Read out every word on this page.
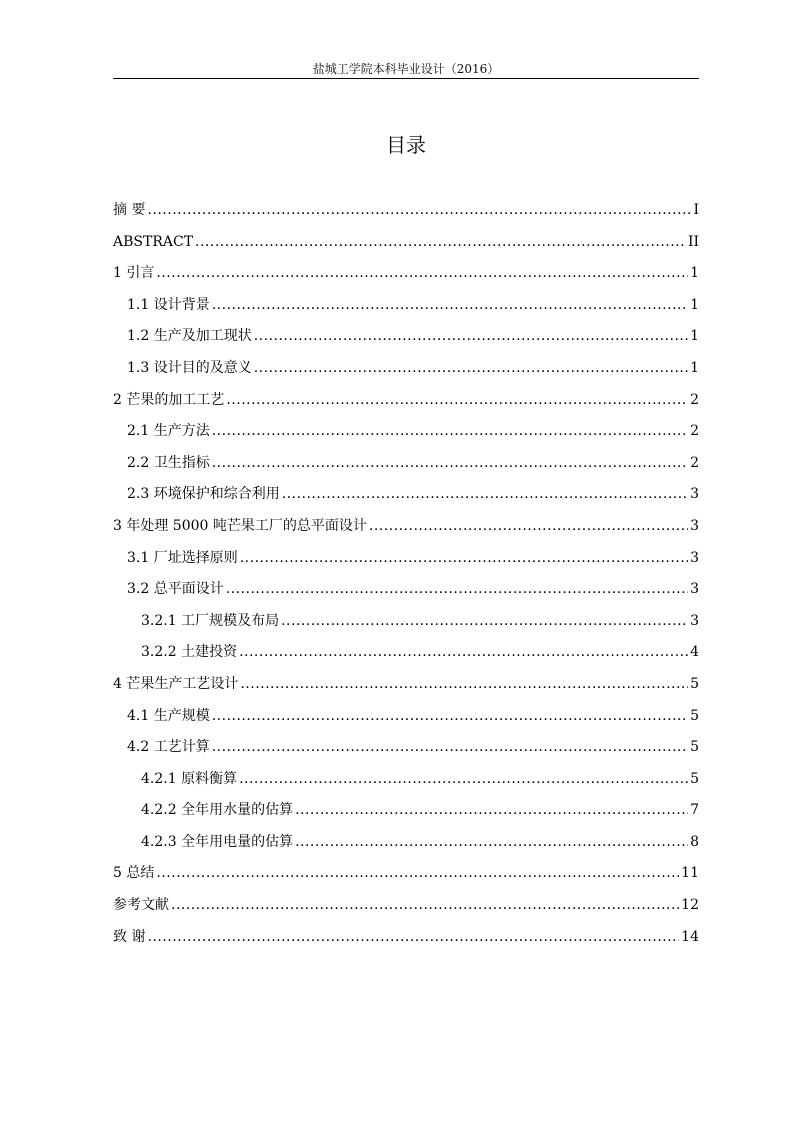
盐城工学院本科毕业设计（2016）
目录
摘 要 .....	I
ABSTRACT .....	II
1 引言 .....	1
1.1 设计背景 .....	1
1.2 生产及加工现状 .....	1
1.3 设计目的及意义 .....	1
2 芒果的加工工艺 .....	2
2.1 生产方法 .....	2
2.2 卫生指标 .....	2
2.3 环境保护和综合利用 .....	3
3 年处理 5000 吨芒果工厂的总平面设计 .....	3
3.1 厂址选择原则 .....	3
3.2 总平面设计 .....	3
3.2.1 工厂规模及布局 .....	3
3.2.2 土建投资 .....	4
4 芒果生产工艺设计 .....	5
4.1 生产规模 .....	5
4.2 工艺计算 .....	5
4.2.1 原料衡算 .....	5
4.2.2 全年用水量的估算 .....	7
4.2.3 全年用电量的估算 .....	8
5 总结 .....	11
参考文献 .....	12
致 谢 .....	14
